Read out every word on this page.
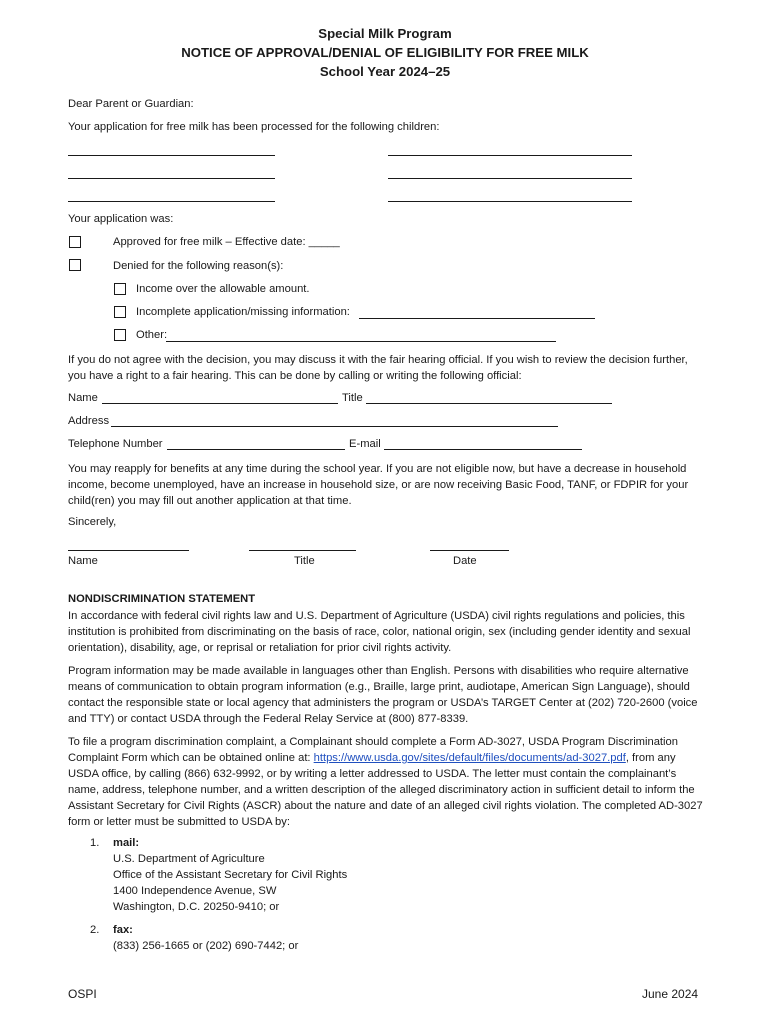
Special Milk Program
NOTICE OF APPROVAL/DENIAL OF ELIGIBILITY FOR FREE MILK
School Year 2024–25
Dear Parent or Guardian:
Your application for free milk has been processed for the following children:
Your application was:
Approved for free milk – Effective date: _____
Denied for the following reason(s):
Income over the allowable amount.
Incomplete application/missing information:
Other:
If you do not agree with the decision, you may discuss it with the fair hearing official. If you wish to review the decision further, you have a right to a fair hearing. This can be done by calling or writing the following official:
Name	Title
Address
Telephone Number	E-mail
You may reapply for benefits at any time during the school year. If you are not eligible now, but have a decrease in household income, become unemployed, have an increase in household size, or are now receiving Basic Food, TANF, or FDPIR for your child(ren) you may fill out another application at that time.
Sincerely,
Name	Title	Date
NONDISCRIMINATION STATEMENT
In accordance with federal civil rights law and U.S. Department of Agriculture (USDA) civil rights regulations and policies, this institution is prohibited from discriminating on the basis of race, color, national origin, sex (including gender identity and sexual orientation), disability, age, or reprisal or retaliation for prior civil rights activity.
Program information may be made available in languages other than English. Persons with disabilities who require alternative means of communication to obtain program information (e.g., Braille, large print, audiotape, American Sign Language), should contact the responsible state or local agency that administers the program or USDA’s TARGET Center at (202) 720-2600 (voice and TTY) or contact USDA through the Federal Relay Service at (800) 877-8339.
To file a program discrimination complaint, a Complainant should complete a Form AD-3027, USDA Program Discrimination Complaint Form which can be obtained online at: https://www.usda.gov/sites/default/files/documents/ad-3027.pdf, from any USDA office, by calling (866) 632-9992, or by writing a letter addressed to USDA. The letter must contain the complainant’s name, address, telephone number, and a written description of the alleged discriminatory action in sufficient detail to inform the Assistant Secretary for Civil Rights (ASCR) about the nature and date of an alleged civil rights violation. The completed AD-3027 form or letter must be submitted to USDA by:
1. mail:
U.S. Department of Agriculture
Office of the Assistant Secretary for Civil Rights
1400 Independence Avenue, SW
Washington, D.C. 20250-9410; or
2. fax:
(833) 256-1665 or (202) 690-7442; or
OSPI	June 2024
